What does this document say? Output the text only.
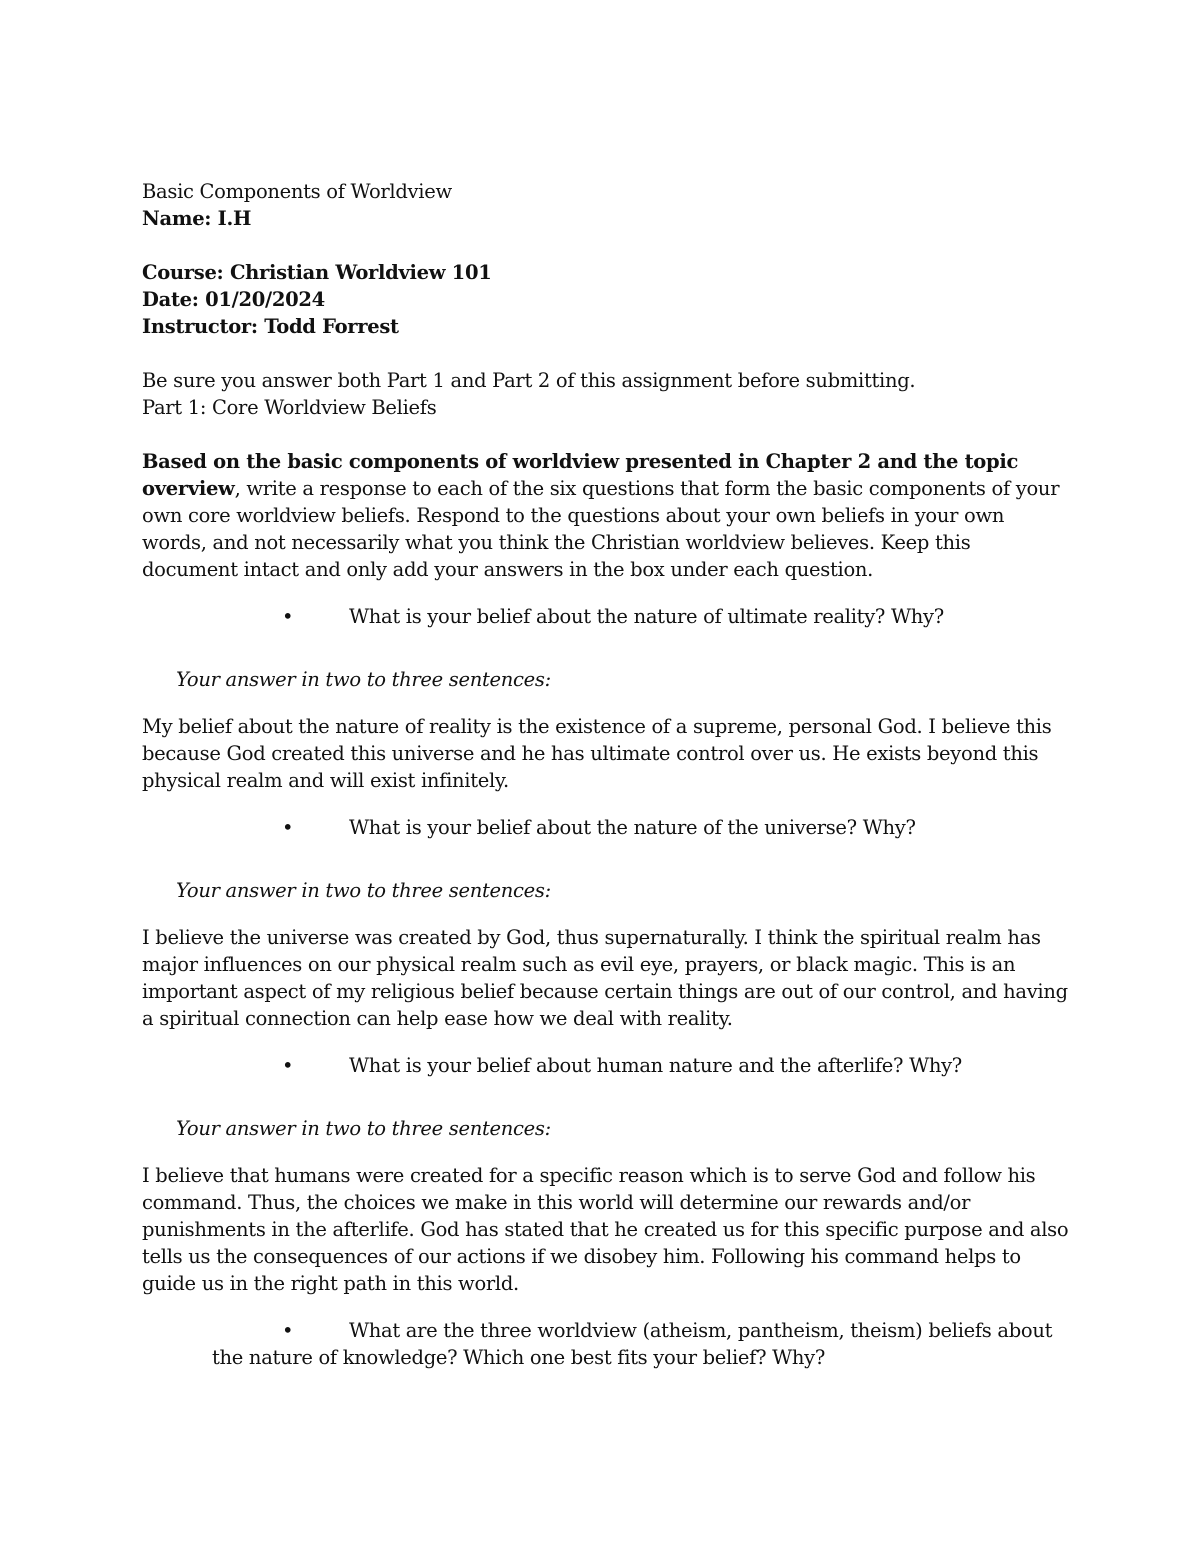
Basic Components of Worldview
Name: I.H
Course: Christian Worldview 101
Date: 01/20/2024
Instructor: Todd Forrest
Be sure you answer both Part 1 and Part 2 of this assignment before submitting.
Part 1: Core Worldview Beliefs
Based on the basic components of worldview presented in Chapter 2 and the topic overview, write a response to each of the six questions that form the basic components of your own core worldview beliefs. Respond to the questions about your own beliefs in your own words, and not necessarily what you think the Christian worldview believes. Keep this document intact and only add your answers in the box under each question.
•	What is your belief about the nature of ultimate reality? Why?
Your answer in two to three sentences:
My belief about the nature of reality is the existence of a supreme, personal God. I believe this because God created this universe and he has ultimate control over us. He exists beyond this physical realm and will exist infinitely.
•	What is your belief about the nature of the universe? Why?
Your answer in two to three sentences:
I believe the universe was created by God, thus supernaturally. I think the spiritual realm has major influences on our physical realm such as evil eye, prayers, or black magic. This is an important aspect of my religious belief because certain things are out of our control, and having a spiritual connection can help ease how we deal with reality.
•	What is your belief about human nature and the afterlife? Why?
Your answer in two to three sentences:
I believe that humans were created for a specific reason which is to serve God and follow his command. Thus, the choices we make in this world will determine our rewards and/or punishments in the afterlife. God has stated that he created us for this specific purpose and also tells us the consequences of our actions if we disobey him. Following his command helps to guide us in the right path in this world.
•	What are the three worldview (atheism, pantheism, theism) beliefs about
the nature of knowledge? Which one best fits your belief? Why?
